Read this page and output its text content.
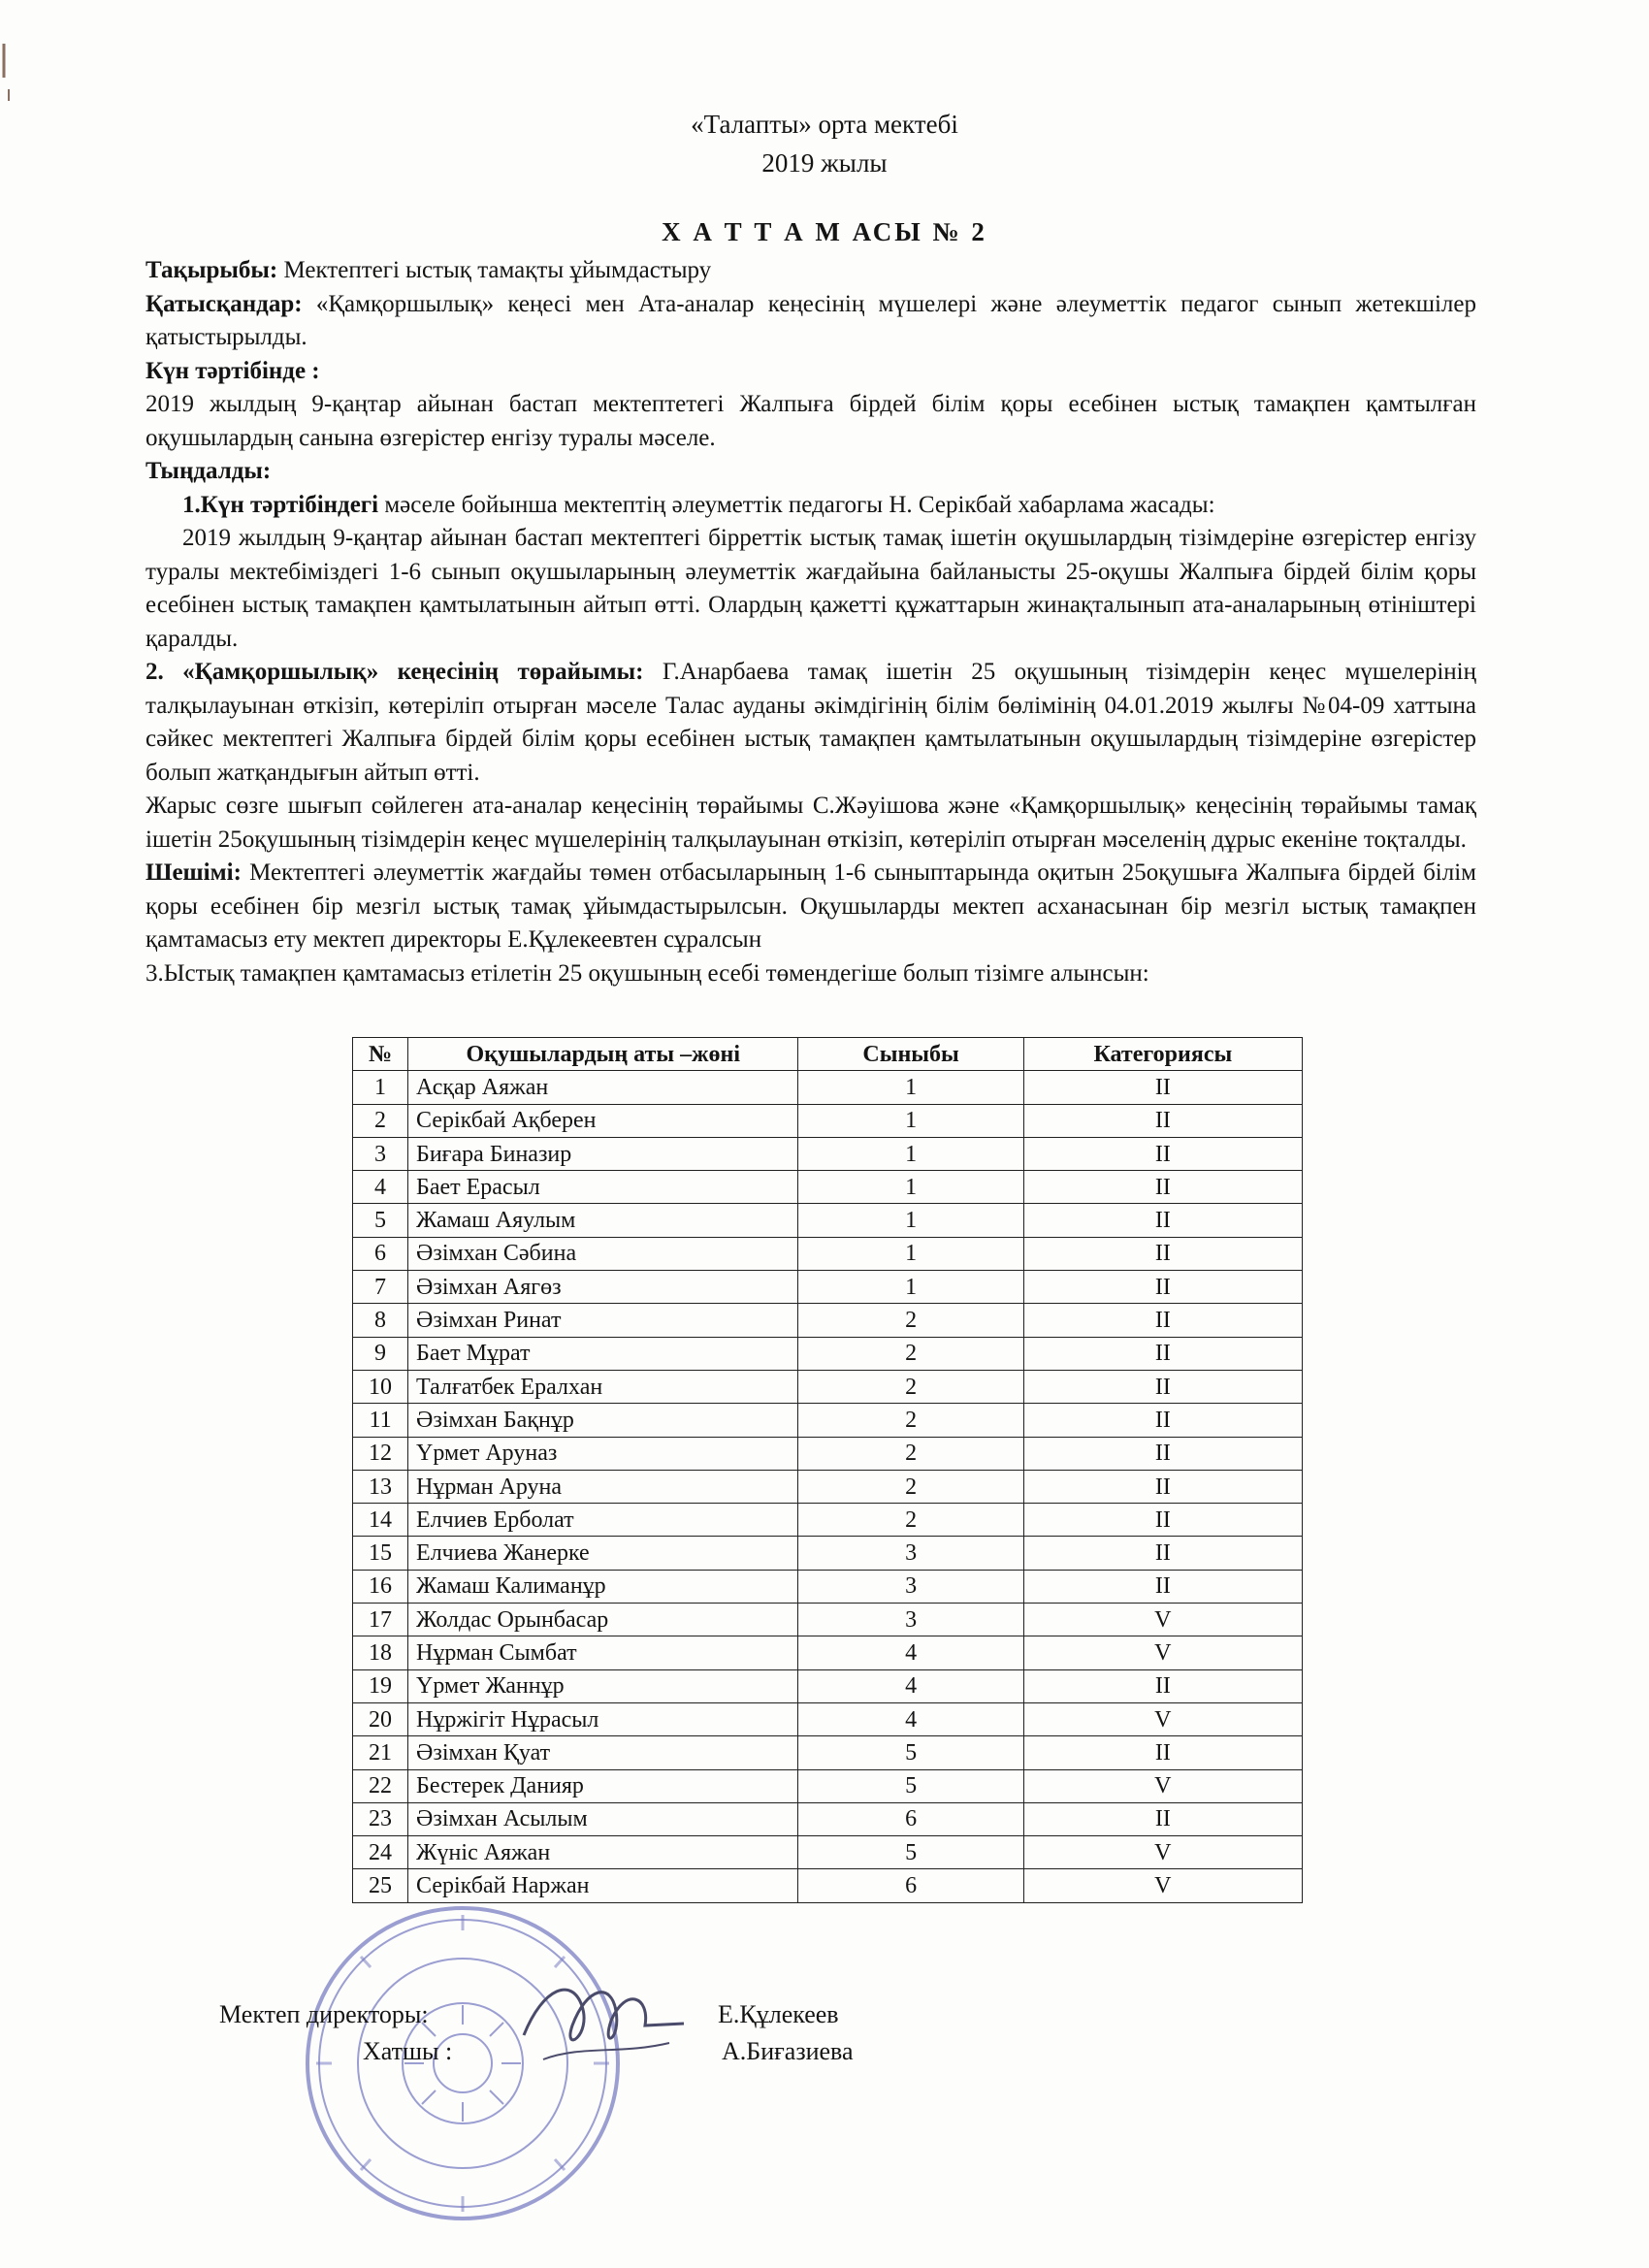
«Талапты» орта мектебі
2019 жылы
Х А Т Т А М АСЫ № 2

Тақырыбы: Мектептегі ыстық тамақты ұйымдастыру

Қатысқандар: «Қамқоршылық» кеңесі мен Ата-аналар кеңесінің мүшелері және әлеуметтік педагог сынып жетекшілер қатыстырылды.

Күн тәртібінде :

2019 жылдың 9-қаңтар айынан бастап мектептетегі Жалпыға бірдей білім қоры есебінен ыстық тамақпен қамтылған оқушылардың санына өзгерістер енгізу туралы мәселе.

Тыңдалды:

1.Күн тәртібіндегі мәселе бойынша мектептің әлеуметтік педагогы Н. Серікбай хабарлама жасады:

2019 жылдың 9-қаңтар айынан бастап мектептегі бірреттік ыстық тамақ ішетін оқушылардың тізімдеріне өзгерістер енгізу туралы мектебіміздегі 1-6 сынып оқушыларының әлеуметтік жағдайына байланысты 25-оқушы Жалпыға бірдей білім қоры есебінен ыстық тамақпен қамтылатынын айтып өтті. Олардың қажетті құжаттарын жинақталынып ата-аналарының өтініштері қаралды.

2. «Қамқоршылық» кеңесінің төрайымы: Г.Анарбаева тамақ ішетін 25 оқушының тізімдерін кеңес мүшелерінің талқылауынан өткізіп, көтеріліп отырған мәселе Талас ауданы әкімдігінің білім бөлімінің 04.01.2019 жылғы №04-09 хаттына сәйкес мектептегі Жалпыға бірдей білім қоры есебінен ыстық тамақпен қамтылатынын оқушылардың тізімдеріне өзгерістер болып жатқандығын айтып өтті.

Жарыс сөзге шығып сөйлеген ата-аналар кеңесінің төрайымы С.Жәуішова және «Қамқоршылық» кеңесінің төрайымы тамақ ішетін 25оқушының тізімдерін кеңес мүшелерінің талқылауынан өткізіп, көтеріліп отырған мәселенің дұрыс екеніне тоқталды.

Шешімі: Мектептегі әлеуметтік жағдайы төмен отбасыларының 1-6 сыныптарында оқитын 25оқушыға Жалпыға бірдей білім қоры есебінен бір мезгіл ыстық тамақ ұйымдастырылсын. Оқушыларды мектеп асханасынан бір мезгіл ыстық тамақпен қамтамасыз ету мектеп директоры Е.Құлекеевтен сұралсын

3.Ыстық тамақпен қамтамасыз етілетін 25 оқушының есебі төмендегіше болып тізімге алынсын:

№	Оқушылардың аты –жөні	Сыныбы	Категориясы
1	Асқар Аяжан	1	II
2	Серікбай Ақберен	1	II
3	Биғара Биназир	1	II
4	Бает Ерасыл	1	II
5	Жамаш Аяулым	1	II
6	Әзімхан Сәбина	1	II
7	Әзімхан Аягөз	1	II
8	Әзімхан Ринат	2	II
9	Бает Мұрат	2	II
10	Талғатбек Ералхан	2	II
11	Әзімхан Бақнұр	2	II
12	Үрмет Аруназ	2	II
13	Нұрман Аруна	2	II
14	Елчиев Ерболат	2	II
15	Елчиева Жанерке	3	II
16	Жамаш Калиманұр	3	II
17	Жолдас Орынбасар	3	V
18	Нұрман Сымбат	4	V
19	Үрмет Жаннұр	4	II
20	Нұржігіт Нұрасыл	4	V
21	Әзімхан Қуат	5	II
22	Бестерек Данияр	5	V
23	Әзімхан Асылым	6	II
24	Жүніс Аяжан	5	V
25	Серікбай Наржан	6	V
Мектеп директоры:	Е.Құлекеев
Хатшы :	А.Биғазиева
